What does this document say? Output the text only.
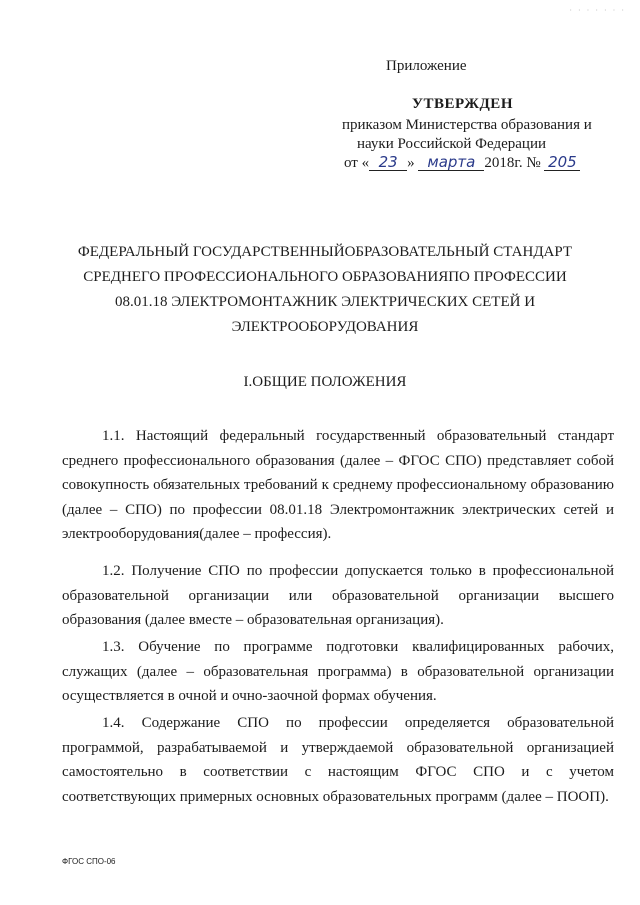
· · · · · · ·
Приложение
УТВЕРЖДЕН
приказом Министерства образования и
науки Российской Федерации
от « 23 » марта 2018г. № 205
ФЕДЕРАЛЬНЫЙ ГОСУДАРСТВЕННЫЙОБРАЗОВАТЕЛЬНЫЙ СТАНДАРТ
СРЕДНЕГО ПРОФЕССИОНАЛЬНОГО ОБРАЗОВАНИЯПО ПРОФЕССИИ
08.01.18 ЭЛЕКТРОМОНТАЖНИК ЭЛЕКТРИЧЕСКИХ СЕТЕЙ И
ЭЛЕКТРООБОРУДОВАНИЯ
I.ОБЩИЕ ПОЛОЖЕНИЯ

1.1. Настоящий федеральный государственный образовательный стандарт среднего профессионального образования (далее – ФГОС СПО) представляет собой совокупность обязательных требований к среднему профессиональному образованию (далее – СПО) по профессии 08.01.18 Электромонтажник электрических сетей и электрооборудования(далее – профессия).

1.2. Получение СПО по профессии допускается только в профессиональной образовательной организации или образовательной организации высшего образования (далее вместе – образовательная организация).

1.3. Обучение по программе подготовки квалифицированных рабочих, служащих (далее – образовательная программа) в образовательной организации осуществляется в очной и очно-заочной формах обучения.

1.4. Содержание СПО по профессии определяется образовательной программой, разрабатываемой и утверждаемой образовательной организацией самостоятельно в соответствии с настоящим ФГОС СПО и с учетом соответствующих примерных основных образовательных программ (далее – ПООП).

ФГОС СПО-06
